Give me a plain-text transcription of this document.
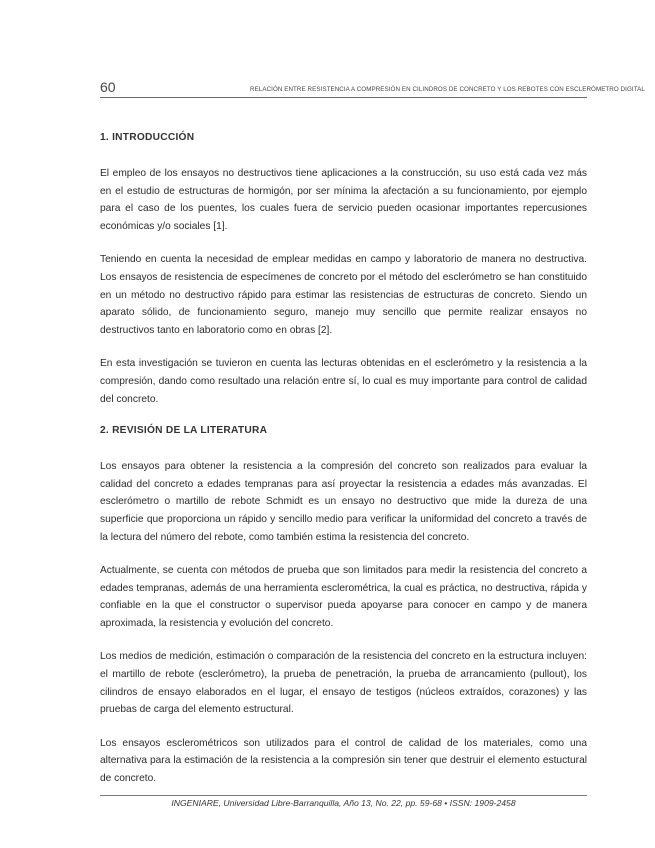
60	RELACIÓN ENTRE RESISTENCIA A COMPRESIÓN EN CILINDROS DE CONCRETO Y LOS REBOTES CON ESCLERÓMETRO DIGITAL
1. INTRODUCCIÓN

El empleo de los ensayos no destructivos tiene aplicaciones a la construcción, su uso está cada vez más en el estudio de estructuras de hormigón, por ser mínima la afectación a su funcionamiento, por ejemplo para el caso de los puentes, los cuales fuera de servicio pueden ocasionar importantes repercusiones económicas y/o sociales [1].

Teniendo en cuenta la necesidad de emplear medidas en campo y laboratorio de manera no destructiva. Los ensayos de resistencia de especímenes de concreto por el método del esclerómetro se han constituido en un método no destructivo rápido para estimar las resistencias de estructuras de concreto. Siendo un aparato sólido, de funcionamiento seguro, manejo muy sencillo que permite realizar ensayos no destructivos tanto en laboratorio como en obras [2].

En esta investigación se tuvieron en cuenta las lecturas obtenidas en el esclerómetro y la resistencia a la compresión, dando como resultado una relación entre sí, lo cual es muy importante para control de calidad del concreto.

2. REVISIÓN DE LA LITERATURA

Los ensayos para obtener la resistencia a la compresión del concreto son realizados para evaluar la calidad del concreto a edades tempranas para así proyectar la resistencia a edades más avanzadas. El esclerómetro o martillo de rebote Schmidt es un ensayo no destructivo que mide la dureza de una superficie que proporciona un rápido y sencillo medio para verificar la uniformidad del concreto a través de la lectura del número del rebote, como también estima la resistencia del concreto.

Actualmente, se cuenta con métodos de prueba que son limitados para medir la resistencia del concreto a edades tempranas, además de una herramienta esclerométrica, la cual es práctica, no destructiva, rápida y confiable en la que el constructor o supervisor pueda apoyarse para conocer en campo y de manera aproximada, la resistencia y evolución del concreto.

Los medios de medición, estimación o comparación de la resistencia del concreto en la estructura incluyen: el martillo de rebote (esclerómetro), la prueba de penetración, la prueba de arrancamiento (pullout), los cilindros de ensayo elaborados en el lugar, el ensayo de testigos (núcleos extraídos, corazones) y las pruebas de carga del elemento estructural.

Los ensayos esclerométricos son utilizados para el control de calidad de los materiales, como una alternativa para la estimación de la resistencia a la compresión sin tener que destruir el elemento estuctural de concreto.

INGENIARE, Universidad Libre-Barranquilla, Año 13, No. 22, pp. 59-68 • ISSN: 1909-2458
